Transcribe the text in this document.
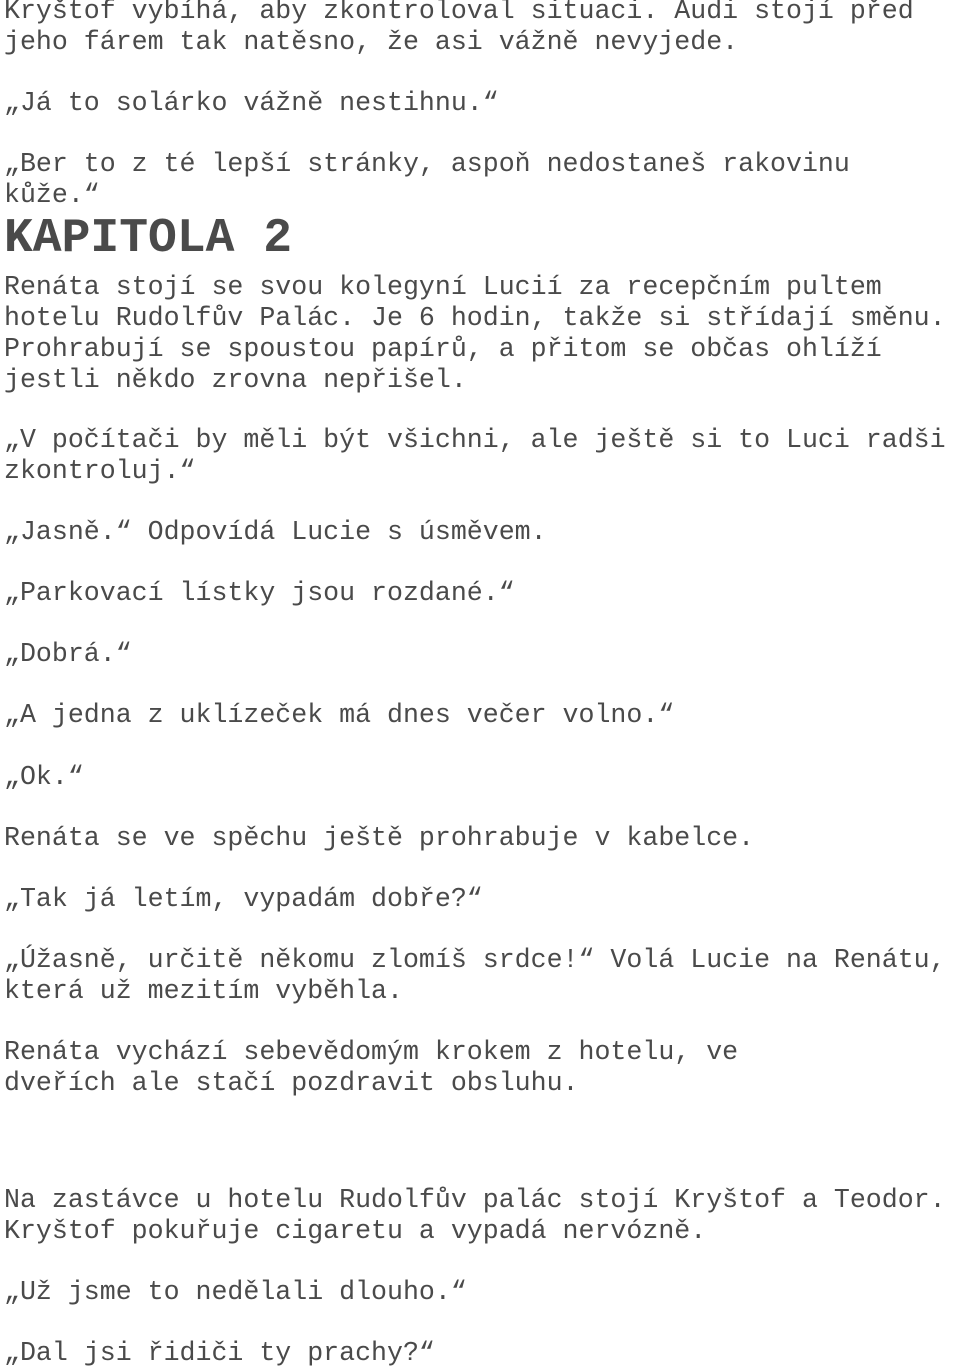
Kryštof vybíhá, aby zkontroloval situaci. Audi stojí před
jeho fárem tak natěsno, že asi vážně nevyjede.

„Já to solárko vážně nestihnu.“

„Ber to z té lepší stránky, aspoň nedostaneš rakovinu
kůže.“

KAPITOLA 2

Renáta stojí se svou kolegyní Lucií za recepčním pultem
hotelu Rudolfův Palác. Je 6 hodin, takže si střídají směnu.
Prohrabují se spoustou papírů, a přitom se občas ohlíží
jestli někdo zrovna nepřišel.

„V počítači by měli být všichni, ale ještě si to Luci radši
zkontroluj.“

„Jasně.“ Odpovídá Lucie s úsměvem.

„Parkovací lístky jsou rozdané.“

„Dobrá.“

„A jedna z uklízeček má dnes večer volno.“

„Ok.“

Renáta se ve spěchu ještě prohrabuje v kabelce.

„Tak já letím, vypadám dobře?“

„Úžasně, určitě někomu zlomíš srdce!“ Volá Lucie na Renátu,
která už mezitím vyběhla.

Renáta vychází sebevědomým krokem z hotelu, ve
dveřích ale stačí pozdravit obsluhu.

Na zastávce u hotelu Rudolfův palác stojí Kryštof a Teodor.
Kryštof pokuřuje cigaretu a vypadá nervózně.

„Už jsme to nedělali dlouho.“

„Dal jsi řidiči ty prachy?“
